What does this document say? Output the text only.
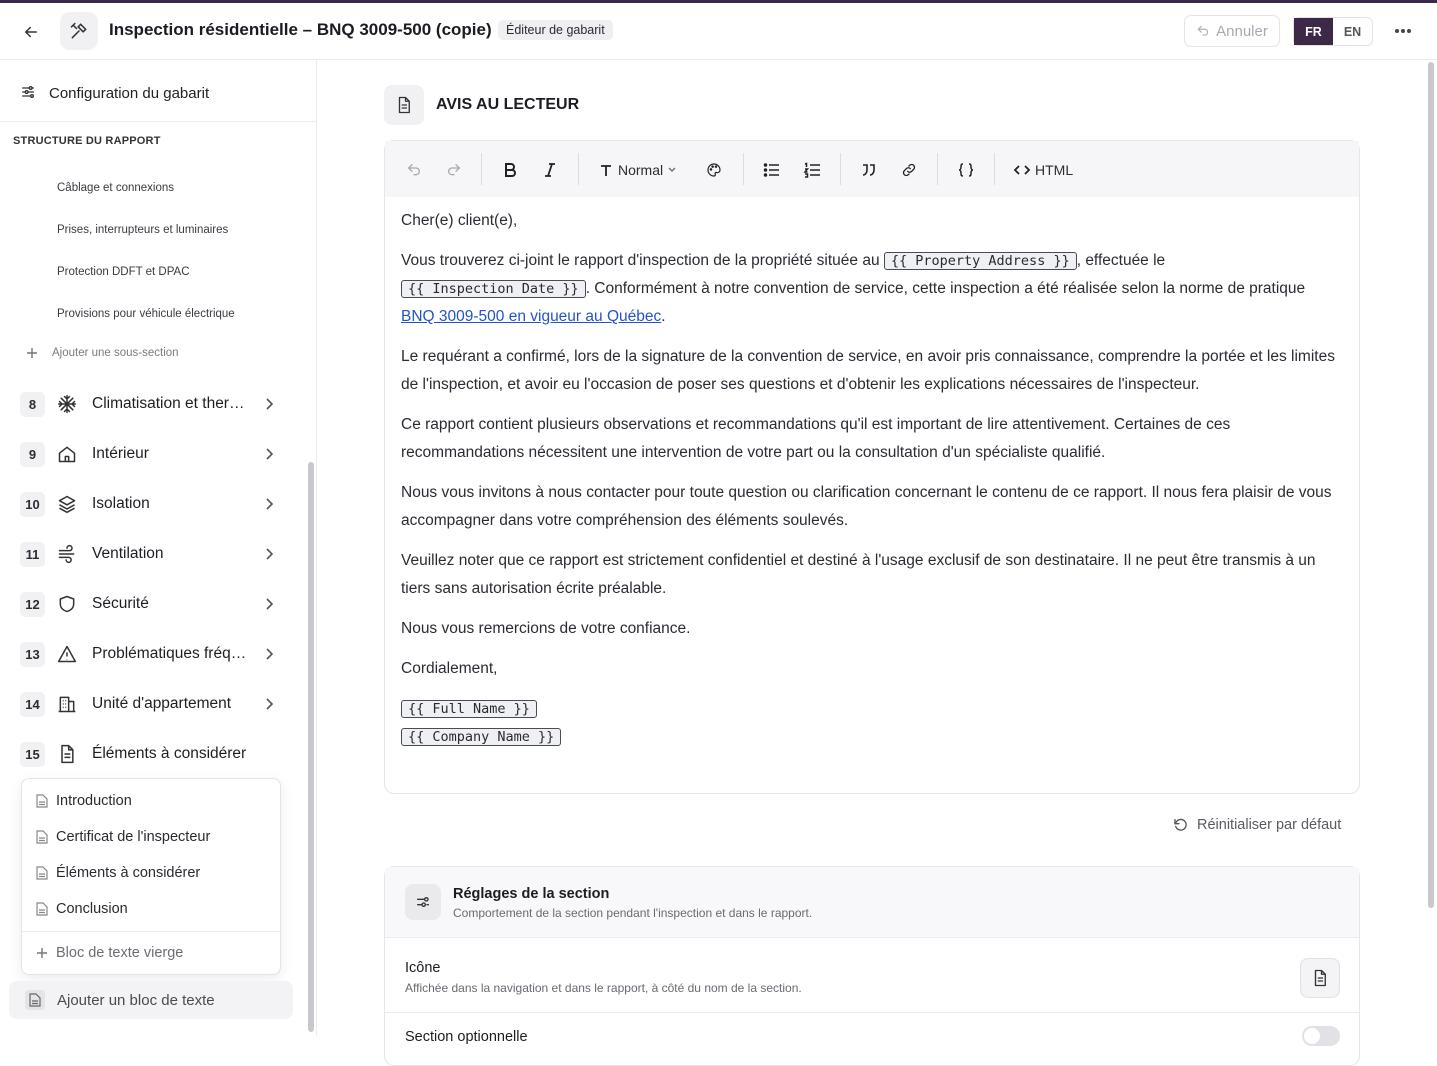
Inspection résidentielle – BNQ 3009-500 (copie)	Éditeur de gabarit	Annuler	FR	EN
Configuration du gabarit
STRUCTURE DU RAPPORT
Câblage et connexions
Prises, interrupteurs et luminaires
Protection DDFT et DPAC
Provisions pour véhicule électrique
Ajouter une sous-section
8	Climatisation et ther…
9	Intérieur
10	Isolation
11	Ventilation
12	Sécurité
13	Problématiques fréq…
14	Unité d'appartement
15	Éléments à considérer
Introduction
Certificat de l'inspecteur
Éléments à considérer
Conclusion
Bloc de texte vierge
Ajouter un bloc de texte
AVIS AU LECTEUR
Normal	HTML

Cher(e) client(e),

Vous trouverez ci-joint le rapport d'inspection de la propriété située au {{ Property Address }} , effectuée le
{{ Inspection Date }} . Conformément à notre convention de service, cette inspection a été réalisée selon la norme de pratique BNQ 3009-500 en vigueur au Québec.

Le requérant a confirmé, lors de la signature de la convention de service, en avoir pris connaissance, comprendre la portée et les limites de l'inspection, et avoir eu l'occasion de poser ses questions et d'obtenir les explications nécessaires de l'inspecteur.

Ce rapport contient plusieurs observations et recommandations qu'il est important de lire attentivement. Certaines de ces recommandations nécessitent une intervention de votre part ou la consultation d'un spécialiste qualifié.

Nous vous invitons à nous contacter pour toute question ou clarification concernant le contenu de ce rapport. Il nous fera plaisir de vous accompagner dans votre compréhension des éléments soulevés.

Veuillez noter que ce rapport est strictement confidentiel et destiné à l'usage exclusif de son destinataire. Il ne peut être transmis à un tiers sans autorisation écrite préalable.

Nous vous remercions de votre confiance.

Cordialement,

{{ Full Name }}
{{ Company Name }}

Réinitialiser par défaut
Réglages de la section
Comportement de la section pendant l'inspection et dans le rapport.
Icône
Affichée dans la navigation et dans le rapport, à côté du nom de la section.
Section optionnelle
